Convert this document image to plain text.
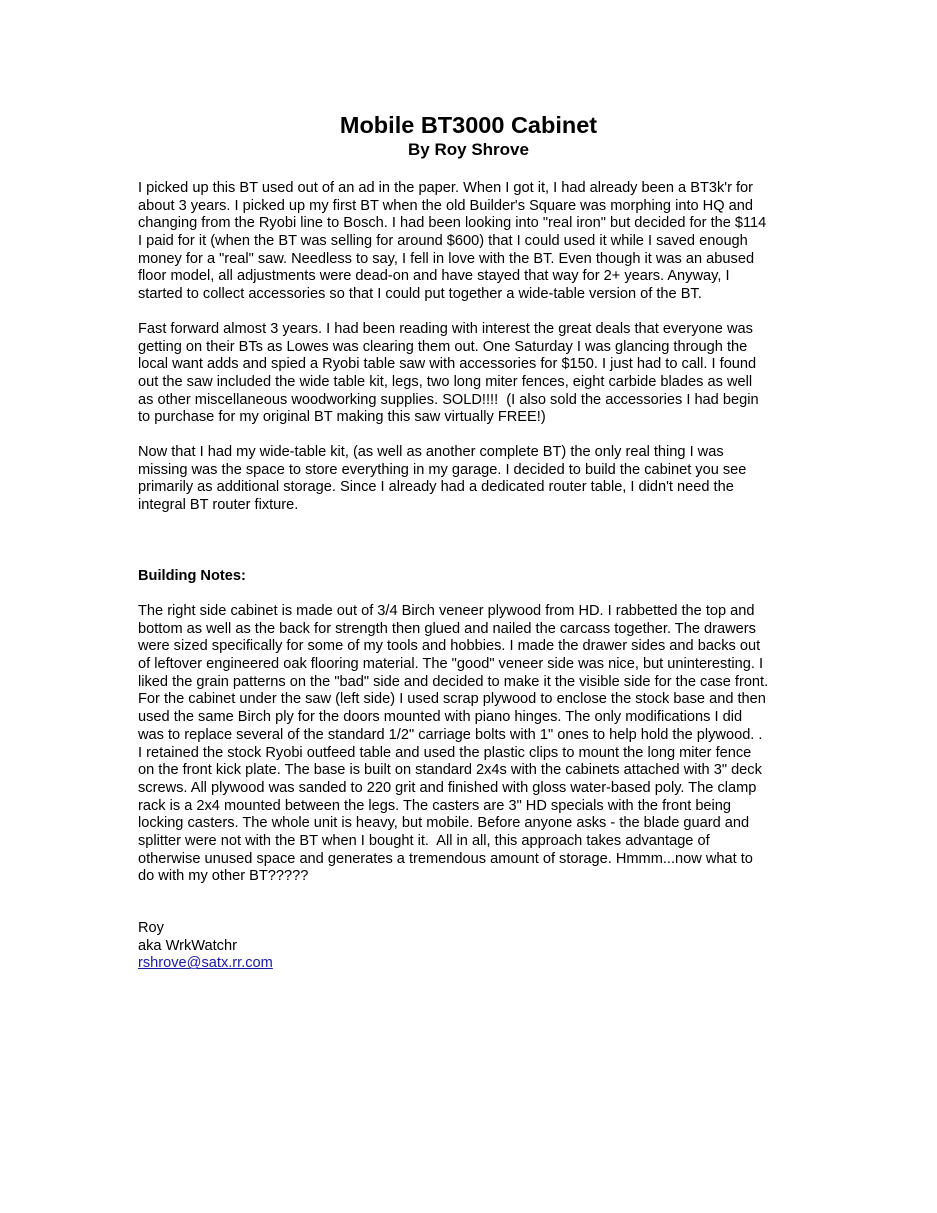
Mobile BT3000 Cabinet
By Roy Shrove
I picked up this BT used out of an ad in the paper. When I got it, I had already been a BT3k'r for
about 3 years. I picked up my first BT when the old Builder's Square was morphing into HQ and
changing from the Ryobi line to Bosch. I had been looking into "real iron" but decided for the $114
I paid for it (when the BT was selling for around $600) that I could used it while I saved enough
money for a "real" saw. Needless to say, I fell in love with the BT. Even though it was an abused
floor model, all adjustments were dead-on and have stayed that way for 2+ years. Anyway, I
started to collect accessories so that I could put together a wide-table version of the BT.
Fast forward almost 3 years. I had been reading with interest the great deals that everyone was
getting on their BTs as Lowes was clearing them out. One Saturday I was glancing through the
local want adds and spied a Ryobi table saw with accessories for $150. I just had to call. I found
out the saw included the wide table kit, legs, two long miter fences, eight carbide blades as well
as other miscellaneous woodworking supplies. SOLD!!!!  (I also sold the accessories I had begin
to purchase for my original BT making this saw virtually FREE!)
Now that I had my wide-table kit, (as well as another complete BT) the only real thing I was
missing was the space to store everything in my garage. I decided to build the cabinet you see
primarily as additional storage. Since I already had a dedicated router table, I didn't need the
integral BT router fixture.
Building Notes:
The right side cabinet is made out of 3/4 Birch veneer plywood from HD. I rabbetted the top and
bottom as well as the back for strength then glued and nailed the carcass together. The drawers
were sized specifically for some of my tools and hobbies. I made the drawer sides and backs out
of leftover engineered oak flooring material. The "good" veneer side was nice, but uninteresting. I
liked the grain patterns on the "bad" side and decided to make it the visible side for the case front.
For the cabinet under the saw (left side) I used scrap plywood to enclose the stock base and then
used the same Birch ply for the doors mounted with piano hinges. The only modifications I did
was to replace several of the standard 1/2" carriage bolts with 1" ones to help hold the plywood. .
I retained the stock Ryobi outfeed table and used the plastic clips to mount the long miter fence
on the front kick plate. The base is built on standard 2x4s with the cabinets attached with 3" deck
screws. All plywood was sanded to 220 grit and finished with gloss water-based poly. The clamp
rack is a 2x4 mounted between the legs. The casters are 3" HD specials with the front being
locking casters. The whole unit is heavy, but mobile. Before anyone asks - the blade guard and
splitter were not with the BT when I bought it.  All in all, this approach takes advantage of
otherwise unused space and generates a tremendous amount of storage. Hmmm...now what to
do with my other BT?????
Roy
aka WrkWatchr
rshrove@satx.rr.com
